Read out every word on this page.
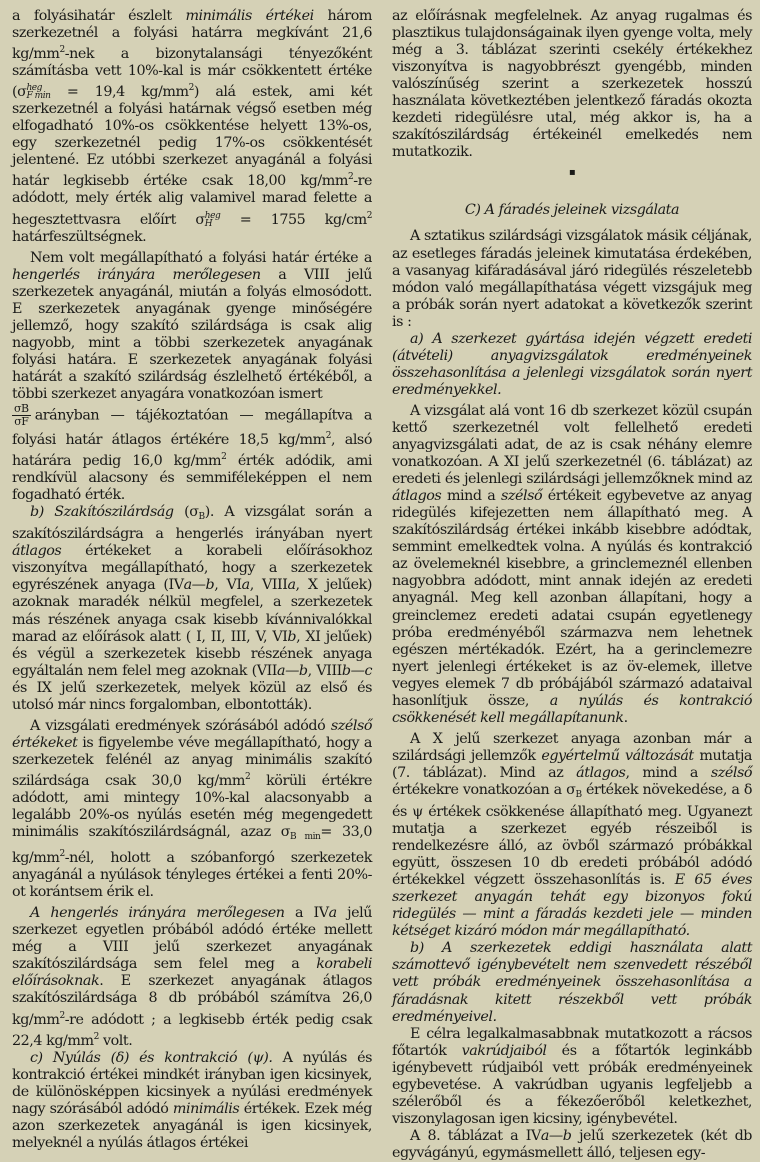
a folyásihatár észlelt minimális értékei három szerkezetnél a folyási határra megkívánt 21,6 $kg/mm^2$-nek a bizonytalansági tényezőként számításba vett 10%-kal is már csökkentett értéke (σ heg
F min = 19,4 $kg/mm^2$) alá estek, ami két szerkezetnél a folyási határnak végső esetben még elfogadható 10%-os csökkentése helyett 13%-os, egy szerkezetnél pedig 17%-os csökkentését jelentené. Ez utóbbi szerkezet anyagánál a folyási határ legkisebb értéke csak 18,00 $kg/mm^2-re$ adódott, mely érték alig valamivel marad felette a hegesztettvasra előírt σ heg
H = 1755 $kg/cm^2$ határfeszültségnek.

Nem volt megállapítható a folyási határ értéke a hengerlés irányára merőlegesen a VIII jelű szerkezetek anyagánál, miután a folyás elmosódott. E szerkezetek anyagának gyenge minőségére jellemző, hogy szakító szilárdsága is csak alig nagyobb, mint a többi szerkezetek anyagának folyási határa. E szerkezetek anyagának folyási határát a szakító szilárdság észlelhető értékéből, a többi szerkezet anyagára vonatkozóan ismert

$\frac{\sigma B}{\sigma F}$ arányban — tájékoztatóan — megállapítva a folyási határ átlagos értékére 18,5 $kg/mm^2$, alsó határára pedig 16,0 $kg/mm^2$ érték adódik, ami rendkívül alacsony és semmiféleképpen el nem fogadható érték.

b) Szakítószilárdság $(\sigma_B)$. A vizsgálat során a szakítószilárdságra a hengerlés irányában nyert átlagos értékeket a korabeli előírásokhoz viszonyítva megállapítható, hogy a szerkezetek egyrészének anyaga (IVa—b, VIa, VIIIa, X jelűek) azoknak maradék nélkül megfelel, a szerkezetek más részének anyaga csak kisebb kívánnivalókkal marad az előírások alatt ( I, II, III, V, VIb, XI jelűek) és végül a szerkezetek kisebb részének anyaga egyáltalán nem felel meg azoknak (VIIa—b, VIIIb—c és IX jelű szerkezetek, melyek közül az első és utolsó már nincs forgalomban, elbontották).

A vizsgálati eredmények szórásából adódó szélső értékeket is figyelembe véve megállapítható, hogy a szerkezetek felénél az anyag minimális szakító szilárdsága csak 30,0 $kg/mm^2$ körüli értékre adódott, ami mintegy 10%-kal alacsonyabb a legalább 20%-os nyúlás esetén még megengedett minimális szakítószilárdságnál, azaz $\sigma_{B min}= 33,0$ $kg/mm^2$-nél, holott a szóbanforgó szerkezetek anyagánál a nyúlások tényleges értékei a fenti 20%-ot korántsem érik el.

A hengerlés irányára merőlegesen a IVa jelű szerkezet egyetlen próbából adódó értéke mellett még a VIII jelű szerkezet anyagának szakítószilárdsága sem felel meg a korabeli előírásoknak. E szerkezet anyagának átlagos szakítószilárdsága 8 db próbából számítva 26,0 $kg/mm^2-re$ adódott ; a legkisebb érték pedig csak 22,4 $kg/mm^2$ volt.

c) Nyúlás (δ) és kontrakció (ψ). A nyúlás és kontrakció értékei mindkét irányban igen kicsinyek, de különösképpen kicsinyek a nyúlási eredmények nagy szórásából adódó minimális értékek. Ezek még azon szerkezetek anyagánál is igen kicsinyek, melyeknél a nyúlás átlagos értékei

az előírásnak megfelelnek. Az anyag rugalmas és plasztikus tulajdonságainak ilyen gyenge volta, mely még a 3. táblázat szerinti csekély értékekhez viszonyítva is nagyobbrészt gyengébb, minden valószínűség szerint a szerkezetek hosszú használata következtében jelentkező fáradás okozta kezdeti ridegülésre utal, még akkor is, ha a szakítószilárdság értékeinél emelkedés nem mutatkozik.

▪
C) A fáradés jeleinek vizsgálata

A sztatikus szilárdsági vizsgálatok másik céljának, az esetleges fáradás jeleinek kimutatása érdekében, a vasanyag kifáradásával járó ridegülés részeletebb módon való megállapíthatása végett vizsgájuk meg a próbák során nyert adatokat a következők szerint is :

a) A szerkezet gyártása idején végzett eredeti (átvételi) anyagvizsgálatok eredményeinek összehasonlítása a jelenlegi vizsgálatok során nyert eredményekkel.

A vizsgálat alá vont 16 db szerkezet közül csupán kettő szerkezetnél volt fellelhető eredeti anyagvizsgálati adat, de az is csak néhány elemre vonatkozóan. A XI jelű szerkezetnél (6. táblázat) az eredeti és jelenlegi szilárdsági jellemzőknek mind az átlagos mind a szélső értékeit egybevetve az anyag ridegülés kifejezetten nem állapítható meg. A szakítószilárdság értékei inkább kisebbre adódtak, semmint emelkedtek volna. A nyúlás és kontrakció az övelemeknél kisebbre, a grinclemeznél ellenben nagyobbra adódott, mint annak idején az eredeti anyagnál. Meg kell azonban állapítani, hogy a greinclemez eredeti adatai csupán egyetlenegy próba eredményéből származva nem lehetnek egészen mértékadók. Ezért, ha a gerinclemezre nyert jelenlegi értékeket is az öv-elemek, illetve vegyes elemek 7 db próbájából származó adataival hasonlítjuk össze, a nyúlás és kontrakció csökkenését kell megállapítanunk.

A X jelű szerkezet anyaga azonban már a szilárdsági jellemzők egyértelmű változását mutatja (7. táblázat). Mind az átlagos, mind a szélső értékekre vonatkozóan a $\sigma_B$ értékek növekedése, a δ és ψ értékek csökkenése állapítható meg. Ugyanezt mutatja a szerkezet egyéb részeiből is rendelkezésre álló, az övből származó próbákkal együtt, összesen 10 db eredeti próbából adódó értékekkel végzett összehasonlítás is. E 65 éves szerkezet anyagán tehát egy bizonyos fokú ridegülés — mint a fáradás kezdeti jele — minden kétséget kizáró módon már megállapítható.

b) A szerkezetek eddigi használata alatt számottevő igénybevételt nem szenvedett részéből vett próbák eredményeinek összehasonlítása a fáradásnak kitett részekből vett próbák eredményeivel.

E célra legalkalmasabbnak mutatkozott a rácsos főtartók vakrúdjaiból és a főtartók leginkább igénybevett rúdjaiból vett próbák eredményeinek egybevetése. A vakrúdban ugyanis legfeljebb a szélerőből és a fékezőerőből keletkezhet, viszonylagosan igen kicsiny, igénybevétel.

A 8. táblázat a IVa—b jelű szerkezetek (két db egyvágányú, egymásmellett álló, teljesen egy-
